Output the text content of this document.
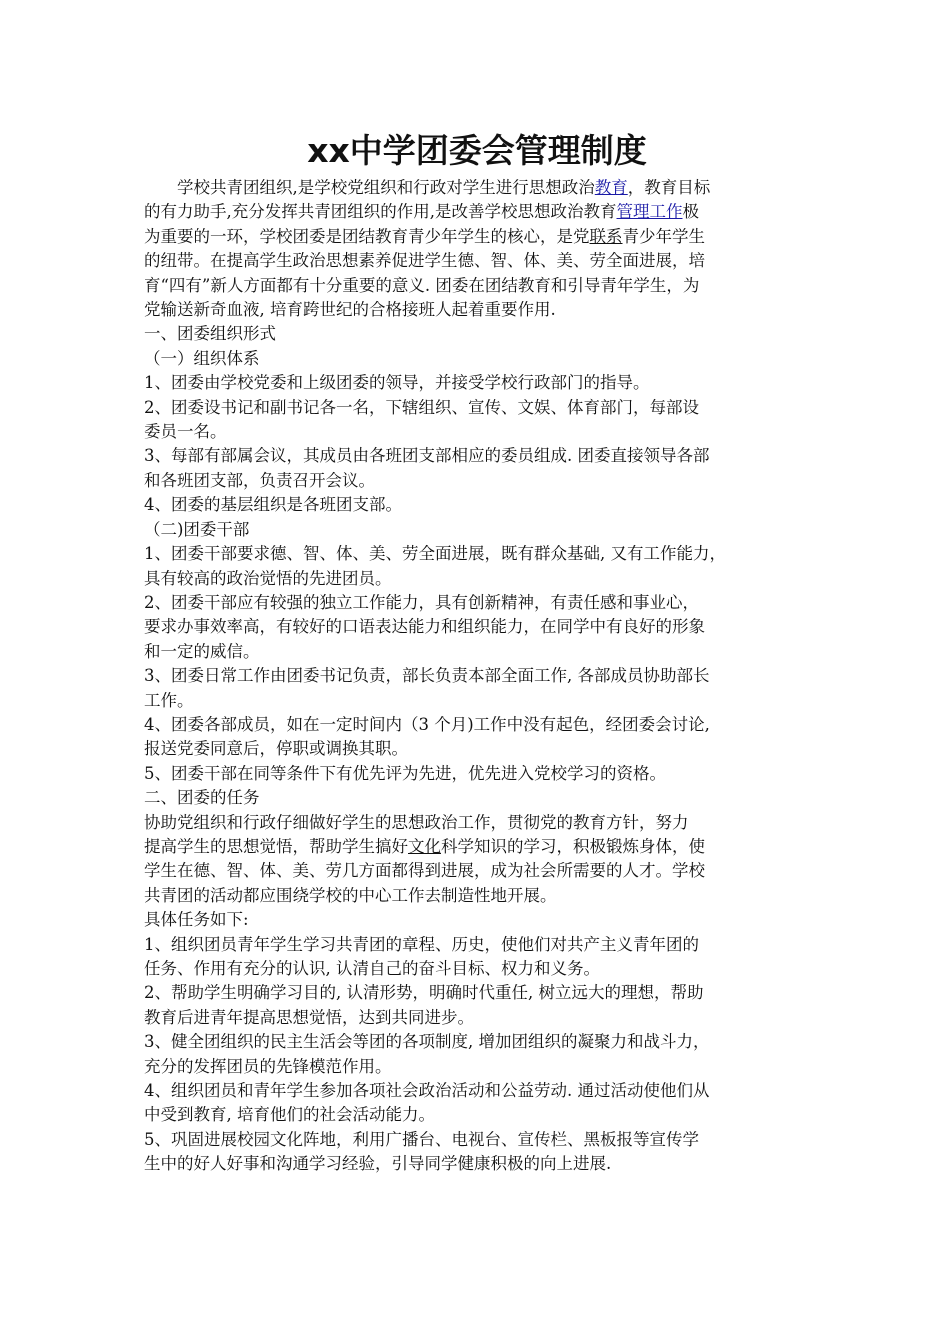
xx中学团委会管理制度
　　学校共青团组织,是学校党组织和行政对学生进行思想政治教育，教育目标
的有力助手,充分发挥共青团组织的作用,是改善学校思想政治教育管理工作极
为重要的一环，学校团委是团结教育青少年学生的核心，是党联系青少年学生
的纽带。在提高学生政治思想素养促进学生德、智、体、美、劳全面进展，培
育“四有”新人方面都有十分重要的意义. 团委在团结教育和引导青年学生，为
党输送新奇血液, 培育跨世纪的合格接班人起着重要作用.
一、团委组织形式
（一）组织体系
1、团委由学校党委和上级团委的领导，并接受学校行政部门的指导。
2、团委设书记和副书记各一名，下辖组织、宣传、文娱、体育部门，每部设
委员一名。
3、每部有部属会议，其成员由各班团支部相应的委员组成. 团委直接领导各部
和各班团支部，负责召开会议。
4、团委的基层组织是各班团支部。
（二)团委干部
1、团委干部要求德、智、体、美、劳全面进展，既有群众基础, 又有工作能力，
具有较高的政治觉悟的先进团员。
2、团委干部应有较强的独立工作能力，具有创新精神，有责任感和事业心，
要求办事效率高，有较好的口语表达能力和组织能力，在同学中有良好的形象
和一定的威信。
3、团委日常工作由团委书记负责，部长负责本部全面工作, 各部成员协助部长
工作。
4、团委各部成员，如在一定时间内（3 个月)工作中没有起色，经团委会讨论,
报送党委同意后，停职或调换其职。
5、团委干部在同等条件下有优先评为先进，优先进入党校学习的资格。
二、团委的任务
协助党组织和行政仔细做好学生的思想政治工作，贯彻党的教育方针，努力
提高学生的思想觉悟，帮助学生搞好文化科学知识的学习，积极锻炼身体，使
学生在德、智、体、美、劳几方面都得到进展，成为社会所需要的人才。学校
共青团的活动都应围绕学校的中心工作去制造性地开展。
具体任务如下:
1、组织团员青年学生学习共青团的章程、历史，使他们对共产主义青年团的
任务、作用有充分的认识, 认清自己的奋斗目标、权力和义务。
2、帮助学生明确学习目的, 认清形势，明确时代重任, 树立远大的理想，帮助
教育后进青年提高思想觉悟，达到共同进步。
3、健全团组织的民主生活会等团的各项制度, 增加团组织的凝聚力和战斗力，
充分的发挥团员的先锋模范作用。
4、组织团员和青年学生参加各项社会政治活动和公益劳动. 通过活动使他们从
中受到教育, 培育他们的社会活动能力。
5、巩固进展校园文化阵地，利用广播台、电视台、宣传栏、黑板报等宣传学
生中的好人好事和沟通学习经验，引导同学健康积极的向上进展.
